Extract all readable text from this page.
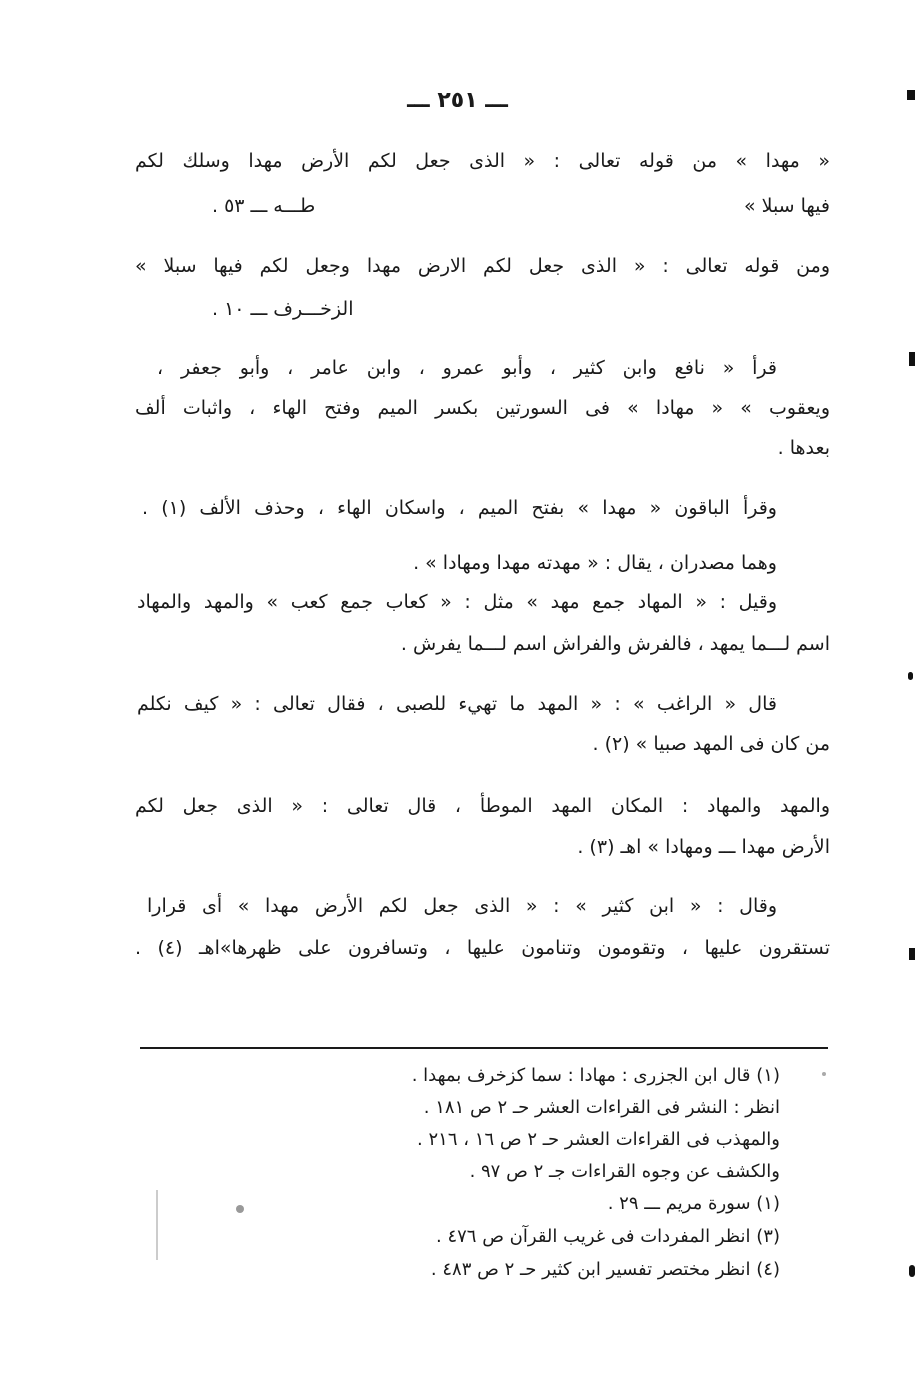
ـــ ٢٥١ ـــ
« مهدا » من قوله تعالى : « الذى جعل لكم الأرض مهدا وسلك لكم
فيها سبلا »
طـــه ـــ ٥٣ .
ومن قوله تعالى : « الذى جعل لكم الارض مهدا وجعل لكم فيها سبلا »
الزخـــرف ـــ ١٠ .
قرأ « نافع وابن كثير ، وأبو عمرو ، وابن عامر ، وأبو جعفر ،
ويعقوب » « مهادا » فى السورتين بكسر الميم وفتح الهاء ، واثبات ألف
بعدها .
وقرأ الباقون « مهدا » بفتح الميم ، واسكان الهاء ، وحذف الألف (١) .
وهما مصدران ، يقال : « مهدته مهدا ومهادا » .
وقيل : « المهاد جمع مهد » مثل : « كعاب جمع كعب » والمهد والمهاد
اسم لـــما يمهد ، فالفرش والفراش اسم لـــما يفرش .
قال « الراغب » : « المهد ما تهيء للصبى ، فقال تعالى : « كيف نكلم
من كان فى المهد صبيا » (٢) .
والمهد والمهاد : المكان المهد الموطأ ، قال تعالى : « الذى جعل لكم
الأرض مهدا ـــ ومهادا » اهـ (٣) .
وقال : « ابن كثير » : « الذى جعل لكم الأرض مهدا » أى قرارا
تستقرون عليها ، وتقومون وتنامون عليها ، وتسافرون على ظهرها»اهـ (٤) .
(١) قال ابن الجزرى : مهادا : سما كزخرف بمهدا .
انظر : النشر فى القراءات العشر حـ ٢ ص ١٨١ .
والمهذب فى القراءات العشر حـ ٢ ص ١٦ ، ٢١٦ .
والكشف عن وجوه القراءات جـ ٢ ص ٩٧ .
(١) سورة مريم ـــ ٢٩ .
(٣) انظر المفردات فى غريب القرآن ص ٤٧٦ .
(٤) انظر مختصر تفسير ابن كثير حـ ٢ ص ٤٨٣ .
